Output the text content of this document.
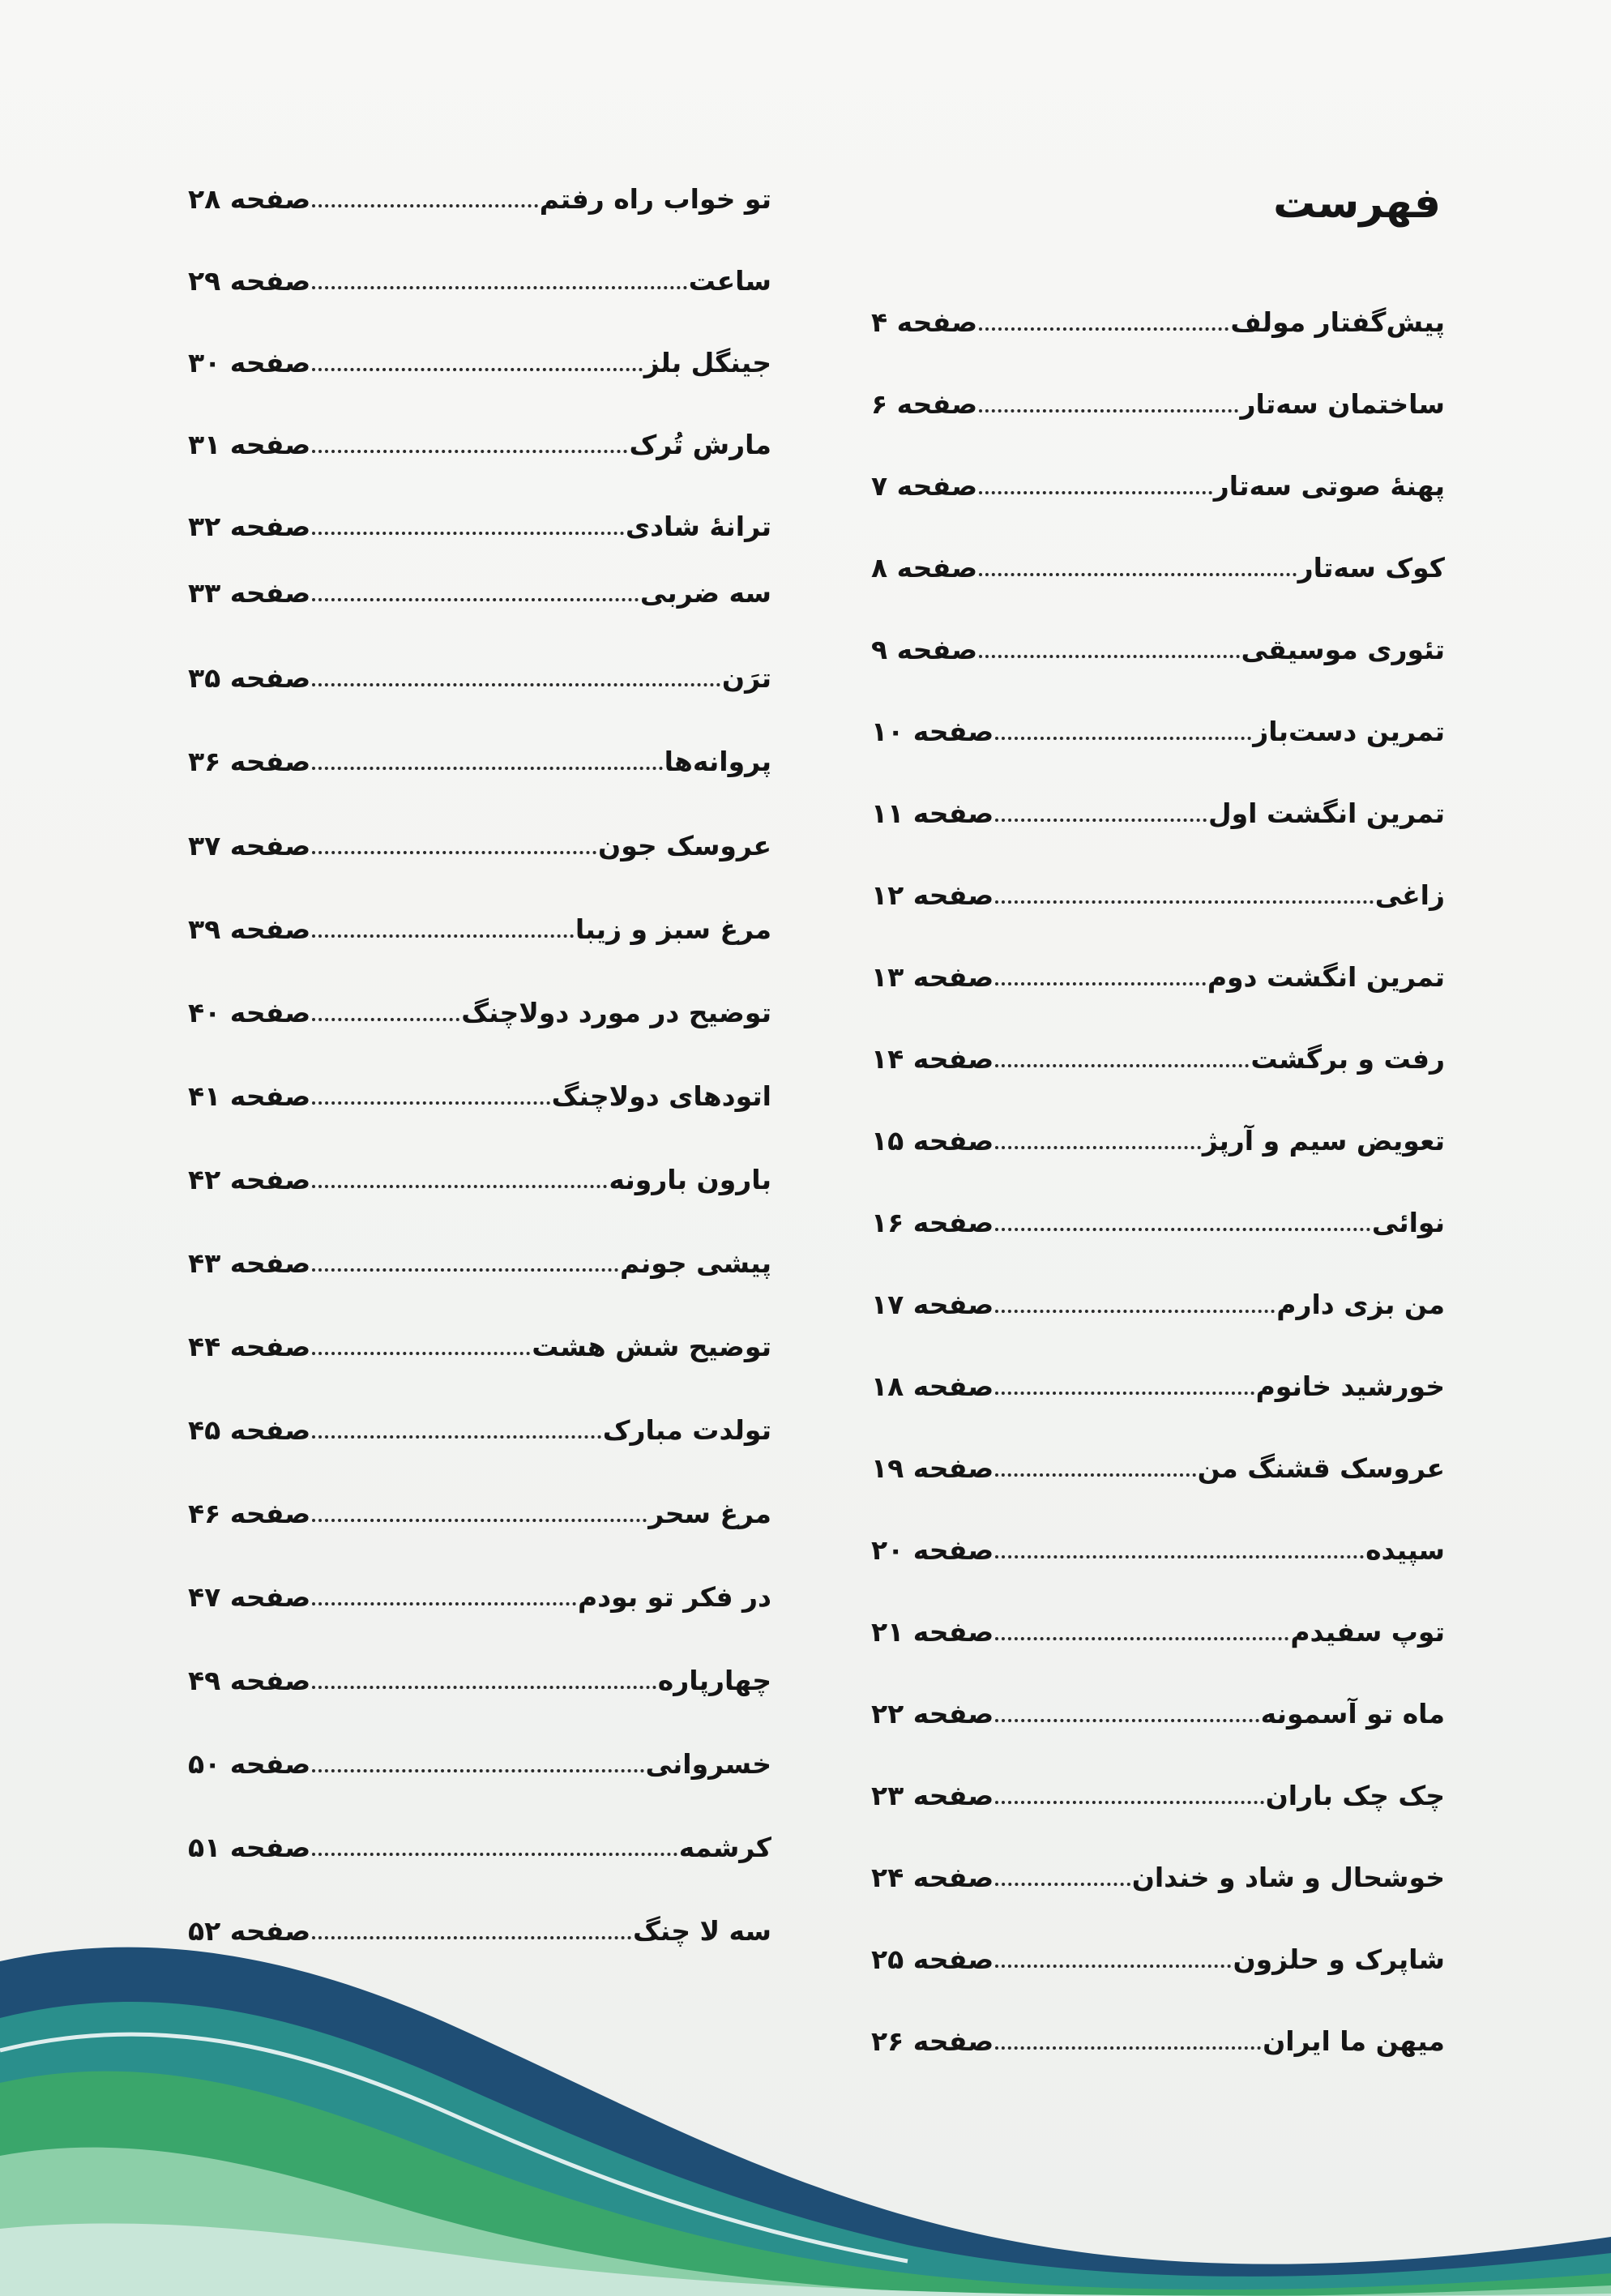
فهرست
پیش‌گفتار مولف
صفحه ۴
ساختمان سه‌تار
صفحه ۶
پهنهٔ صوتی سه‌تار
صفحه ۷
کوک سه‌تار
صفحه ۸
تئوری موسیقی
صفحه ۹
تمرین دست‌باز
صفحه ۱۰
تمرین انگشت اول
صفحه ۱۱
زاغی
صفحه ۱۲
تمرین انگشت دوم
صفحه ۱۳
رفت و برگشت
صفحه ۱۴
تعویض سیم و آرپژ
صفحه ۱۵
نوائی
صفحه ۱۶
من بزی دارم
صفحه ۱۷
خورشید خانوم
صفحه ۱۸
عروسک قشنگ من
صفحه ۱۹
سپیده
صفحه ۲۰
توپ سفیدم
صفحه ۲۱
ماه تو آسمونه
صفحه ۲۲
چک چک باران
صفحه ۲۳
خوشحال و شاد و خندان
صفحه ۲۴
شاپرک و حلزون
صفحه ۲۵
میهن ما ایران
صفحه ۲۶
تو خواب راه رفتم
صفحه ۲۸
ساعت
صفحه ۲۹
جینگل بلز
صفحه ۳۰
مارش تُرک
صفحه ۳۱
ترانهٔ شادی
صفحه ۳۲
سه ضربی
صفحه ۳۳
ترَن
صفحه ۳۵
پروانه‌ها
صفحه ۳۶
عروسک جون
صفحه ۳۷
مرغ سبز و زیبا
صفحه ۳۹
توضیح در مورد دولاچنگ
صفحه ۴۰
اتودهای دولاچنگ
صفحه ۴۱
بارون بارونه
صفحه ۴۲
پیشی جونم
صفحه ۴۳
توضیح شش هشت
صفحه ۴۴
تولدت مبارک
صفحه ۴۵
مرغ سحر
صفحه ۴۶
در فکر تو بودم
صفحه ۴۷
چهارپاره
صفحه ۴۹
خسروانی
صفحه ۵۰
کرشمه
صفحه ۵۱
سه لا چنگ
صفحه ۵۲
